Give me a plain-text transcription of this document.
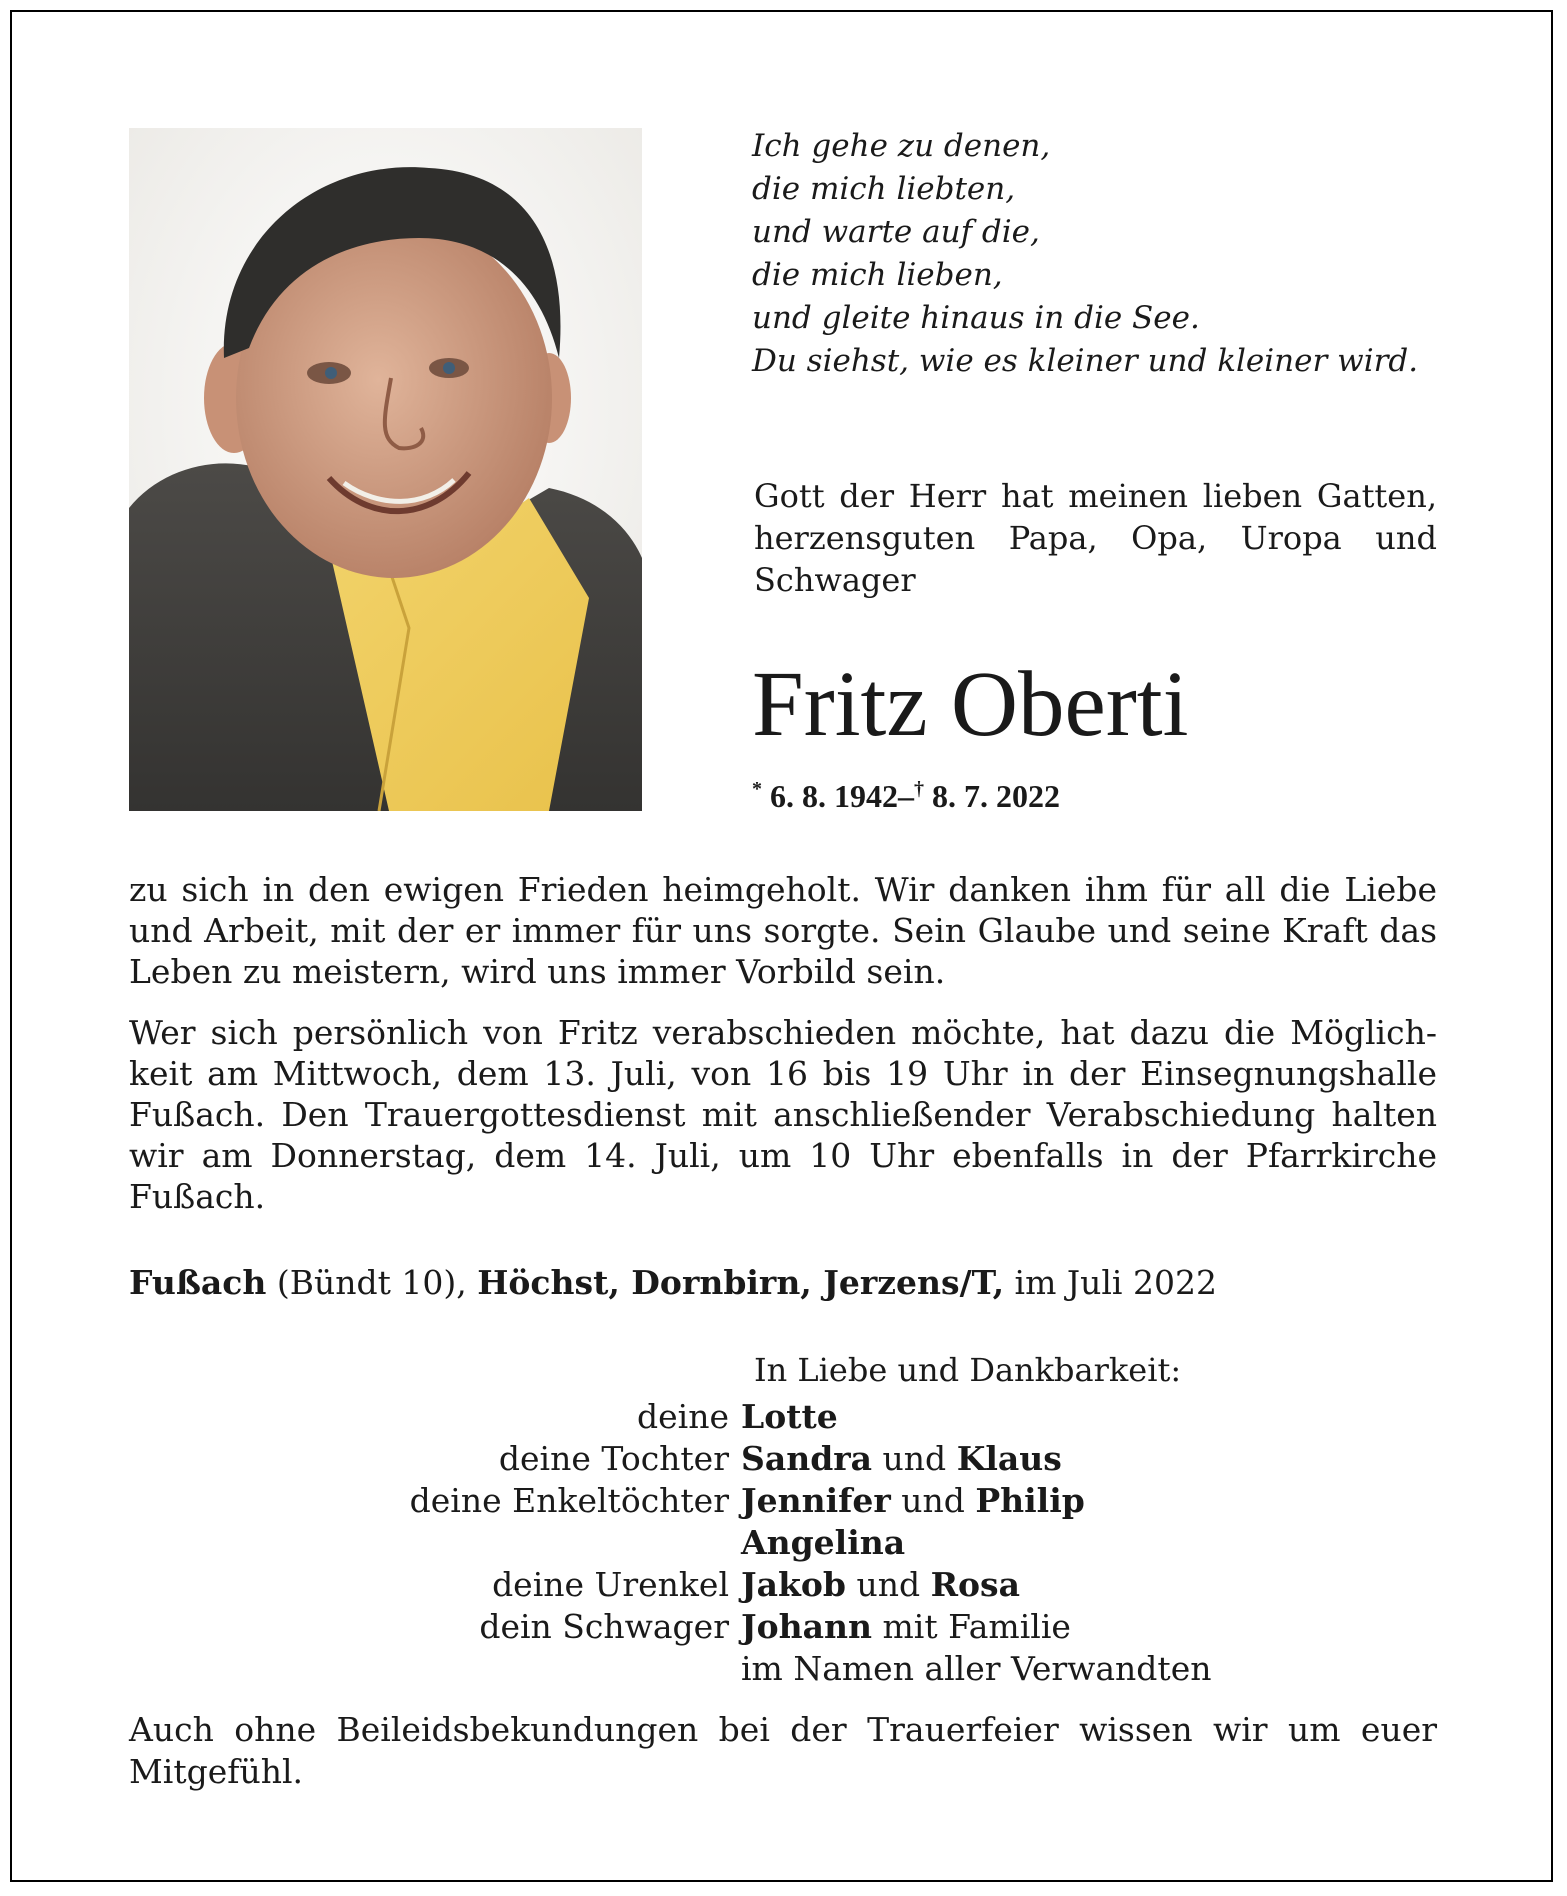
Ich gehe zu denen,
die mich liebten,
und warte auf die,
die mich lieben,
und gleite hinaus in die See.
Du siehst, wie es kleiner und kleiner wird.
Gott der Herr hat meinen lieben Gatten, herzensguten Papa, Opa, Uropa und Schwager
Fritz Oberti
* 6. 8. 1942–† 8. 7. 2022
zu sich in den ewigen Frieden heimgeholt. Wir danken ihm für all die Liebe und Arbeit, mit der er immer für uns sorgte. Sein Glaube und seine Kraft das Leben zu meistern, wird uns immer Vorbild sein.
Wer sich persönlich von Fritz verabschieden möchte, hat dazu die Möglich-keit am Mittwoch, dem 13. Juli, von 16 bis 19 Uhr in der Einsegnungshalle Fußach. Den Trauergottesdienst mit anschließender Verabschiedung halten wir am Donnerstag, dem 14. Juli, um 10 Uhr ebenfalls in der Pfarrkirche Fußach.
Fußach (Bündt 10), Höchst, Dornbirn, Jerzens/T, im Juli 2022
In Liebe und Dankbarkeit:
deine Lotte
deine Tochter Sandra und Klaus
deine Enkeltöchter Jennifer und Philip
Angelina
deine Urenkel Jakob und Rosa
dein Schwager Johann mit Familie
im Namen aller Verwandten
Auch ohne Beileidsbekundungen bei der Trauerfeier wissen wir um euer Mitgefühl.
